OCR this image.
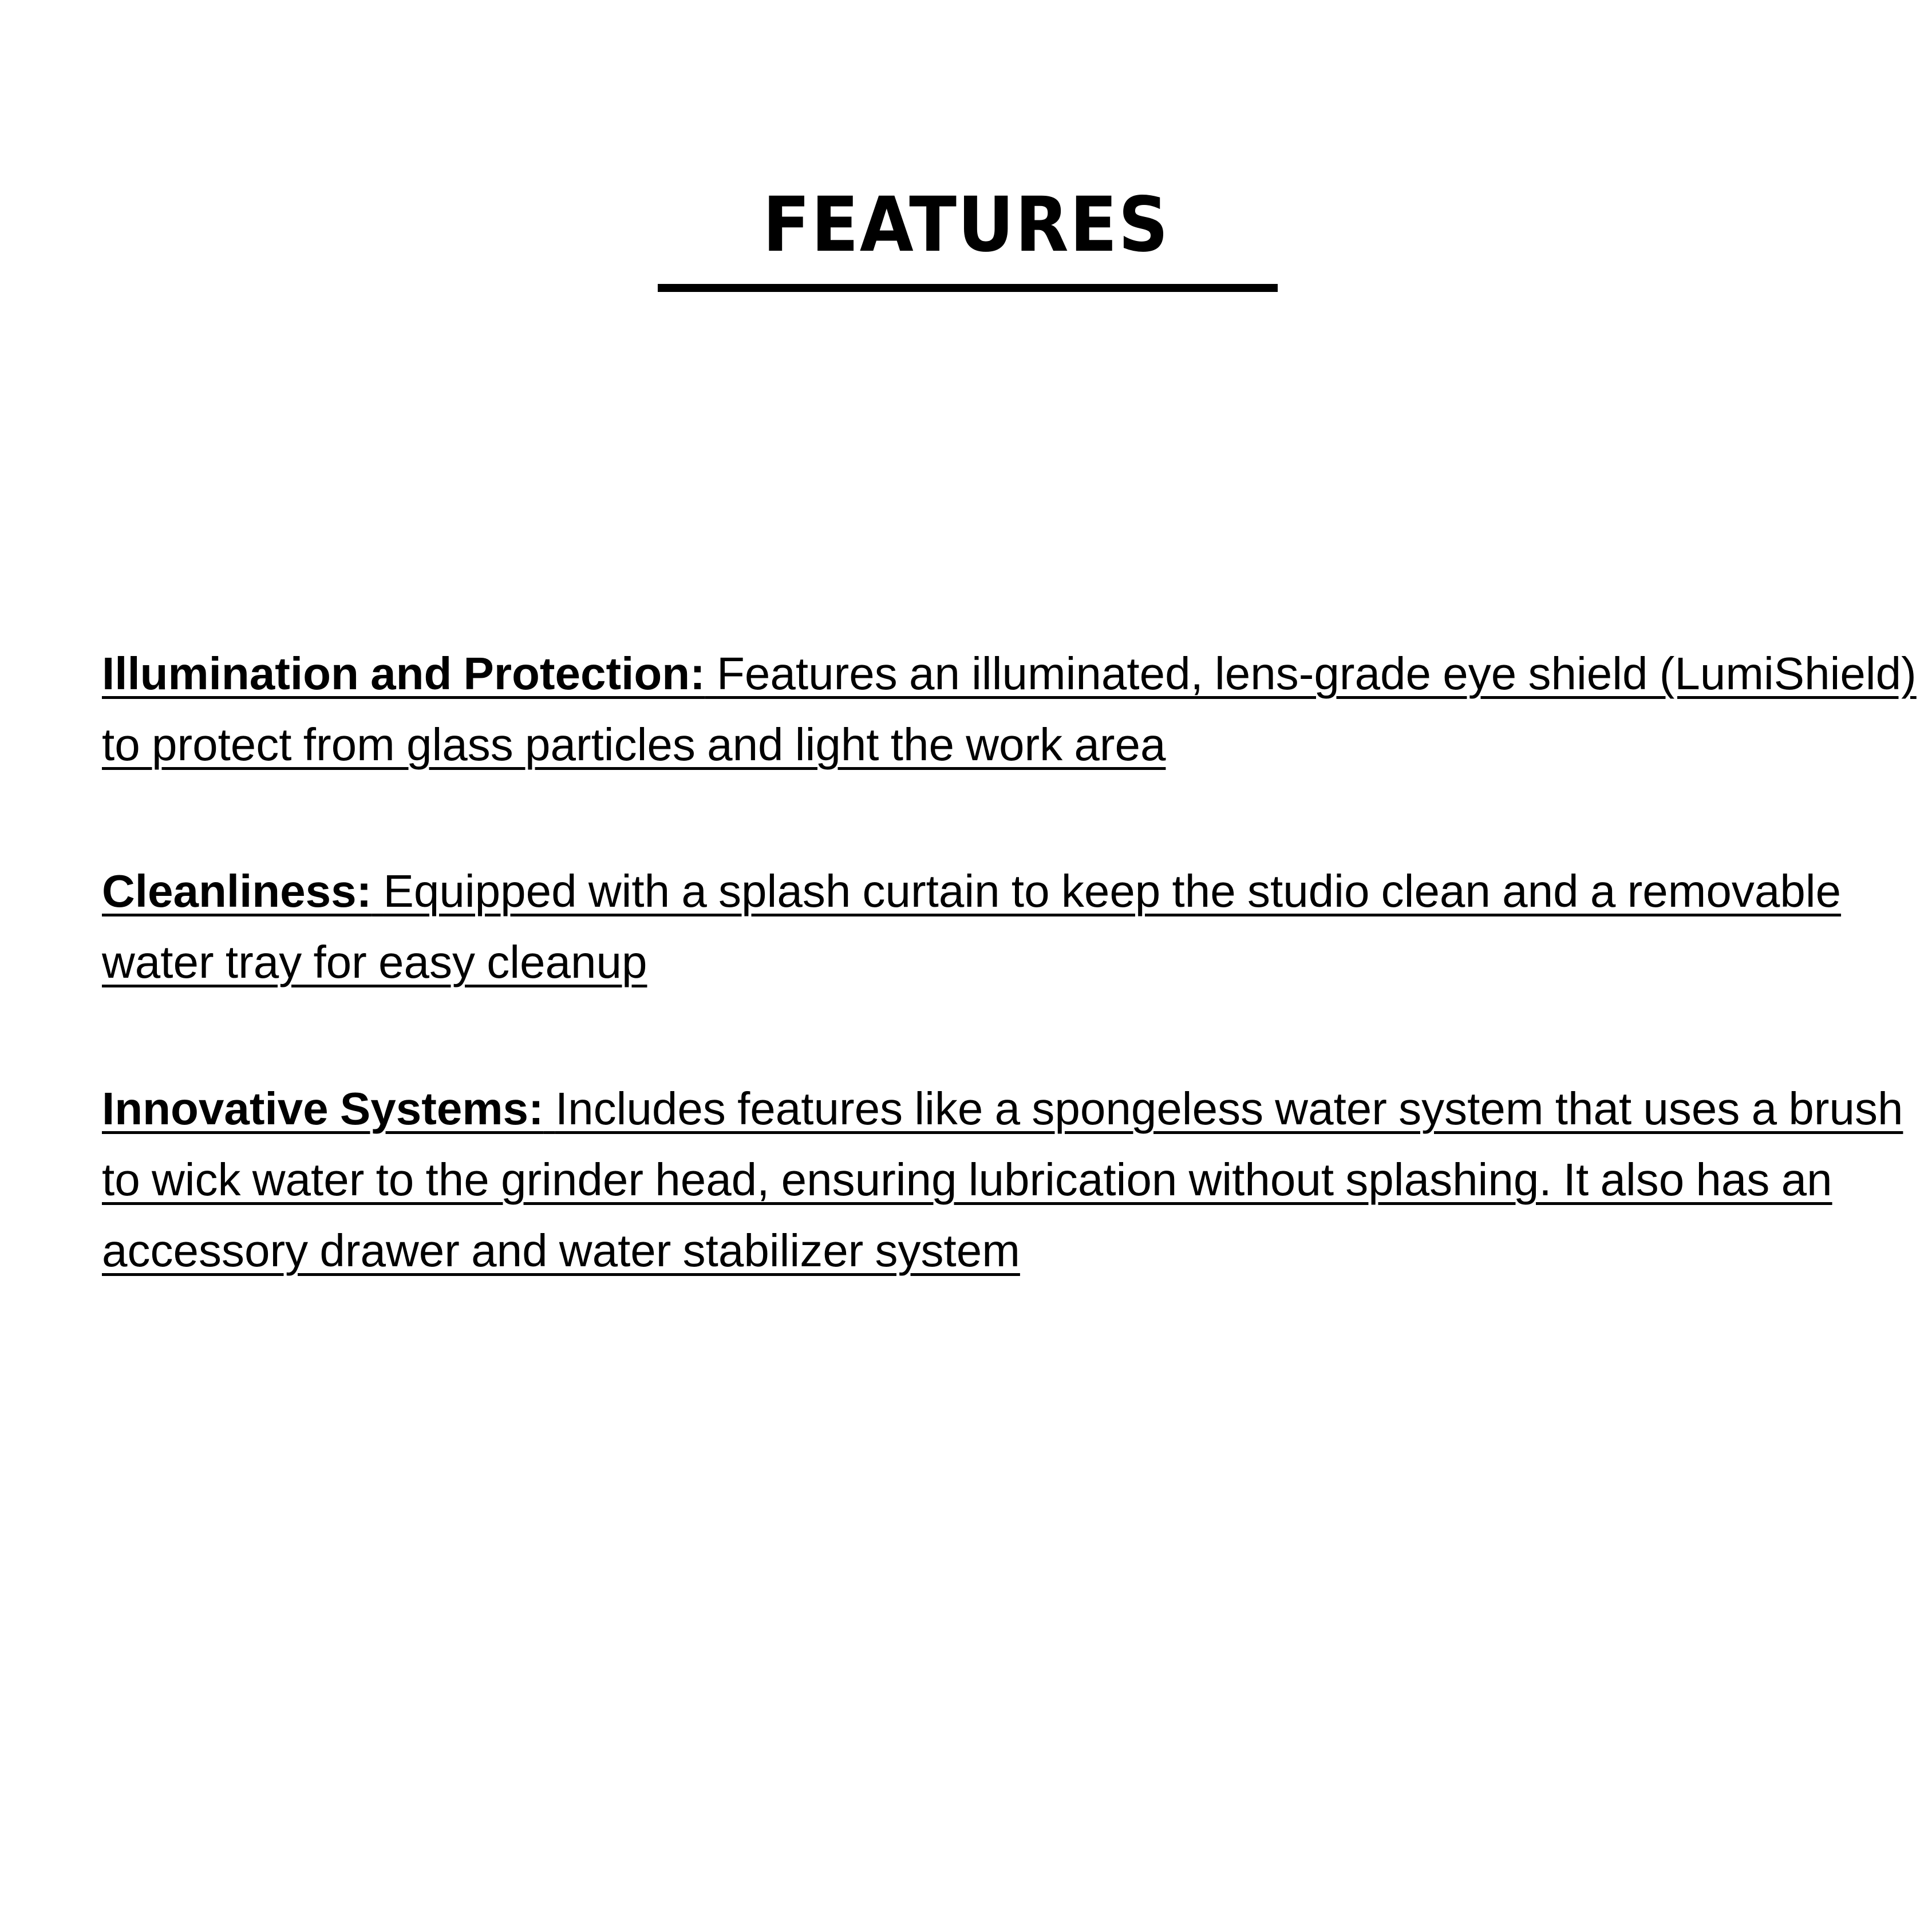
FEATURES

Illumination and Protection: Features an illuminated, lens-grade eye shield (LumiShield) to protect from glass particles and light the work area

Cleanliness: Equipped with a splash curtain to keep the studio clean and a removable water tray for easy cleanup

Innovative Systems: Includes features like a spongeless water system that uses a brush to wick water to the grinder head, ensuring lubrication without splashing. It also has an accessory drawer and water stabilizer system
